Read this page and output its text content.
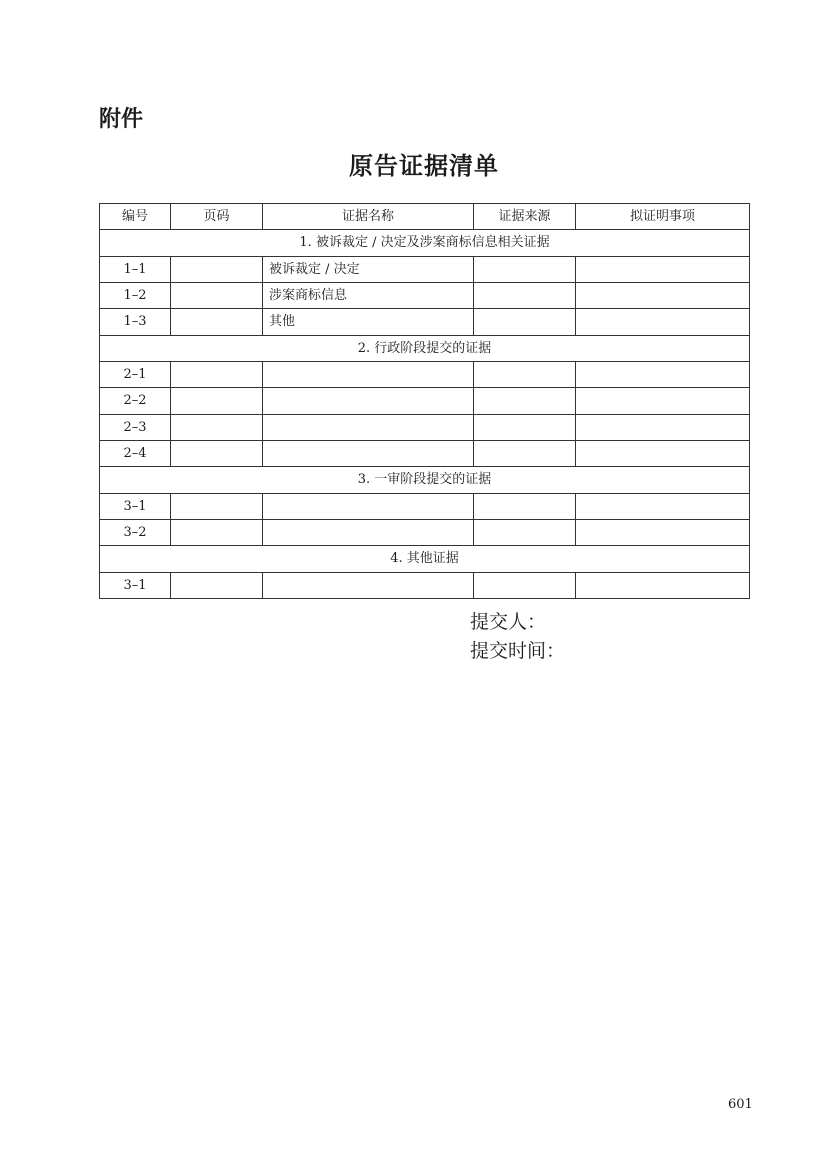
附件
原告证据清单
编号	页码	证据名称	证据来源	拟证明事项
1. 被诉裁定 / 决定及涉案商标信息相关证据				
1–1		被诉裁定 / 决定		
1–2		涉案商标信息		
1–3		其他		
2. 行政阶段提交的证据				
2–1				
2–2				
2–3				
2–4				
3. 一审阶段提交的证据				
3–1				
3–2				
4. 其他证据				
3–1				
提交人：
提交时间：
601
